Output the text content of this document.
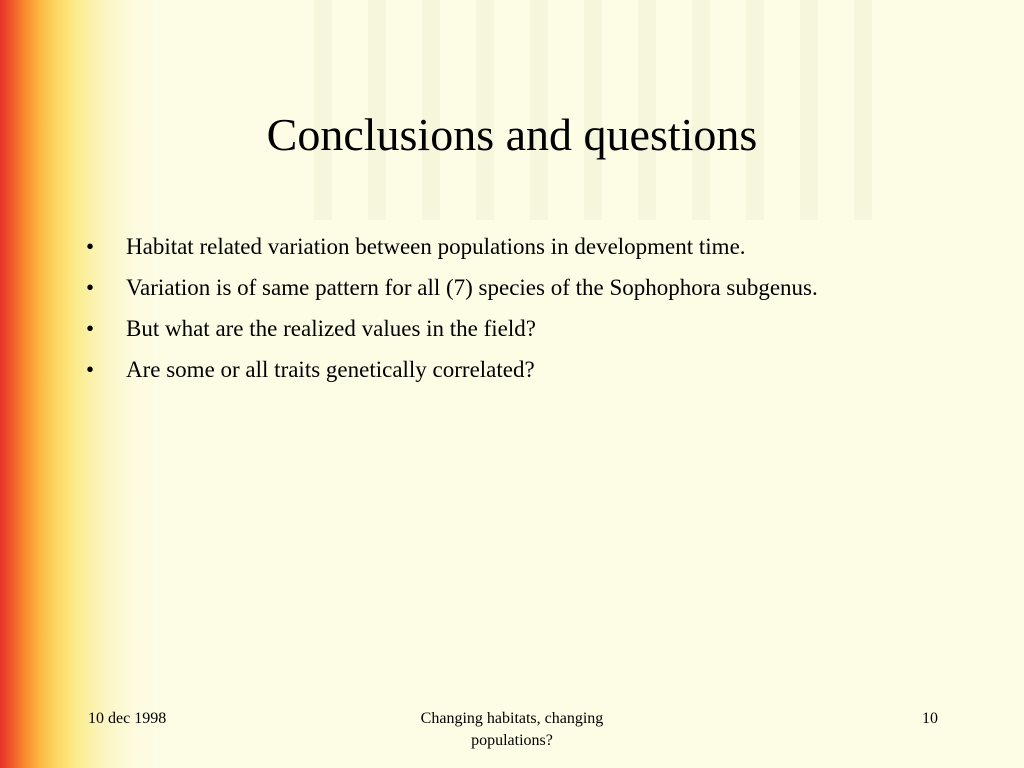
Conclusions and questions
• Habitat related variation between populations in development time.
• Variation is of same pattern for all (7) species of the Sophophora subgenus.
• But what are the realized values in the field?
• Are some or all traits genetically correlated?
10 dec 1998	Changing habitats, changing populations?
10
